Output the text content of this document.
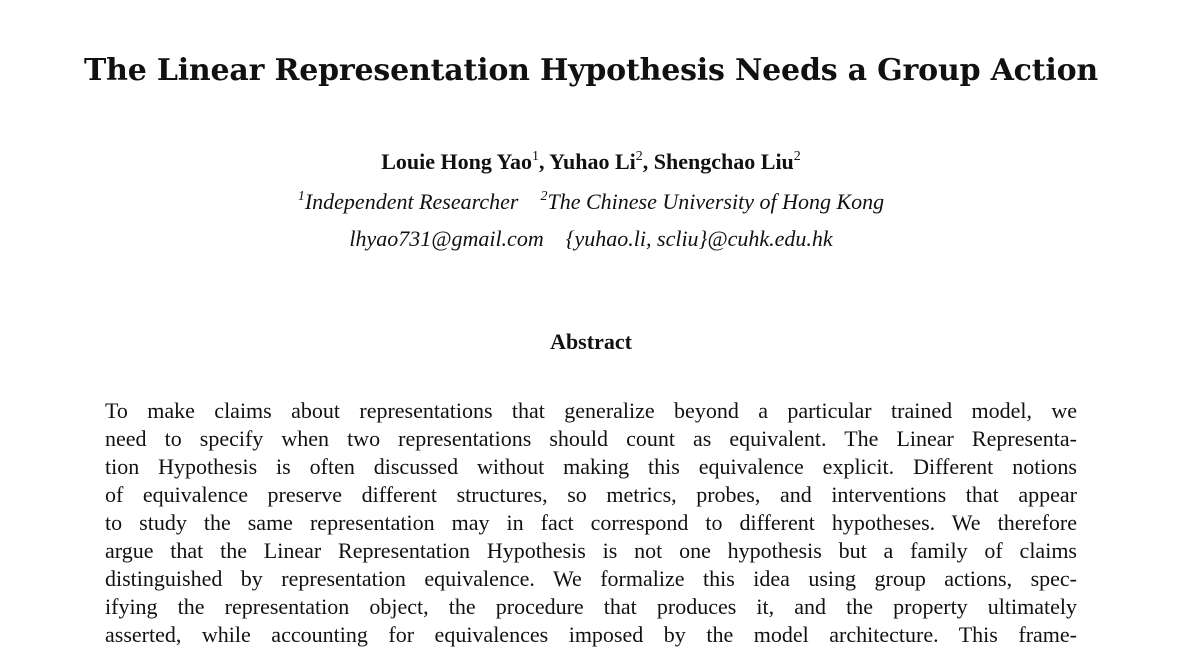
The Linear Representation Hypothesis Needs a Group Action
Louie Hong Yao$^1$, Yuhao Li$^2$, Shengchao Liu$^2$
$^1$Independent Researcher $^2$The Chinese University of Hong Kong
lhyao731@gmail.com {yuhao.li, scliu}@cuhk.edu.hk
Abstract
To make claims about representations that generalize beyond a particular trained model, we
need to specify when two representations should count as equivalent. The Linear Representa-
tion Hypothesis is often discussed without making this equivalence explicit. Different notions
of equivalence preserve different structures, so metrics, probes, and interventions that appear
to study the same representation may in fact correspond to different hypotheses. We therefore
argue that the Linear Representation Hypothesis is not one hypothesis but a family of claims
distinguished by representation equivalence. We formalize this idea using group actions, spec-
ifying the representation object, the procedure that produces it, and the property ultimately
asserted, while accounting for equivalences imposed by the model architecture. This frame-
